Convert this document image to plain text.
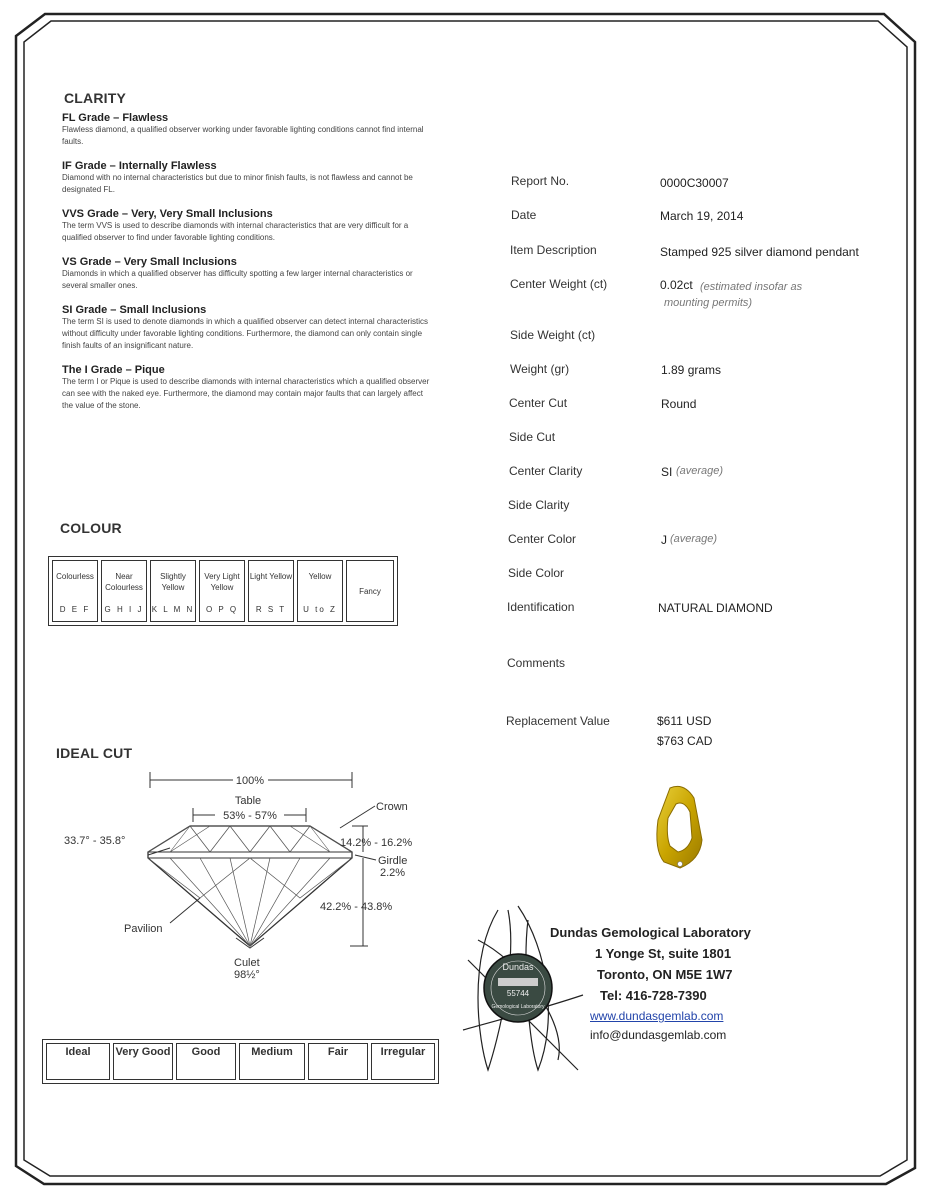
CLARITY
FL Grade – Flawless
Flawless diamond, a qualified observer working under favorable lighting conditions cannot find internal faults.
IF Grade – Internally Flawless
Diamond with no internal characteristics but due to minor finish faults, is not flawless and cannot be designated FL.
VVS Grade – Very, Very Small Inclusions
The term VVS is used to describe diamonds with internal characteristics that are very difficult for a qualified observer to find under favorable lighting conditions.
VS Grade – Very Small Inclusions
Diamonds in which a qualified observer has difficulty spotting a few larger internal characteristics or several smaller ones.
SI Grade – Small Inclusions
The term SI is used to denote diamonds in which a qualified observer can detect internal characteristics without difficulty under favorable lighting conditions. Furthermore, the diamond can only contain single finish faults of an insignificant nature.
The I Grade – Pique
The term I or Pique is used to describe diamonds with internal characteristics which a qualified observer can see with the naked eye. Furthermore, the diamond may contain major faults that can largely affect the value of the stone.
COLOUR
Colourless
D E F

Near Colourless
G H I J

Slightly Yellow
K L M N

Very Light Yellow
O P Q

Light Yellow
R S T

Yellow
U to Z
	Fancy
IDEAL CUT
100%
Table
53% - 57%
Crown
33.7° - 35.8°	14.2% - 16.2%
Girdle
2.2%
42.2% - 43.8%
Pavilion
Culet
98½°
Ideal	Very Good	Good	Medium	Fair	Irregular
Report No.	0000C30007
Date	March 19, 2014
Item Description	Stamped 925 silver diamond pendant
Center Weight (ct)	0.02ct (estimated insofar as mounting permits)
Side Weight (ct)
Weight (gr)	1.89 grams
Center Cut	Round
Side Cut
Center Clarity	SI (average)
Side Clarity
Center Color	J (average)
Side Color
Identification	NATURAL DIAMOND
Comments
Replacement Value	$611 USD
$763 CAD
Dundas
55744
Gemological Laboratory
Dundas Gemological Laboratory
1 Yonge St, suite 1801
Toronto, ON M5E 1W7
Tel: 416-728-7390
www.dundasgemlab.com
info@dundasgemlab.com
